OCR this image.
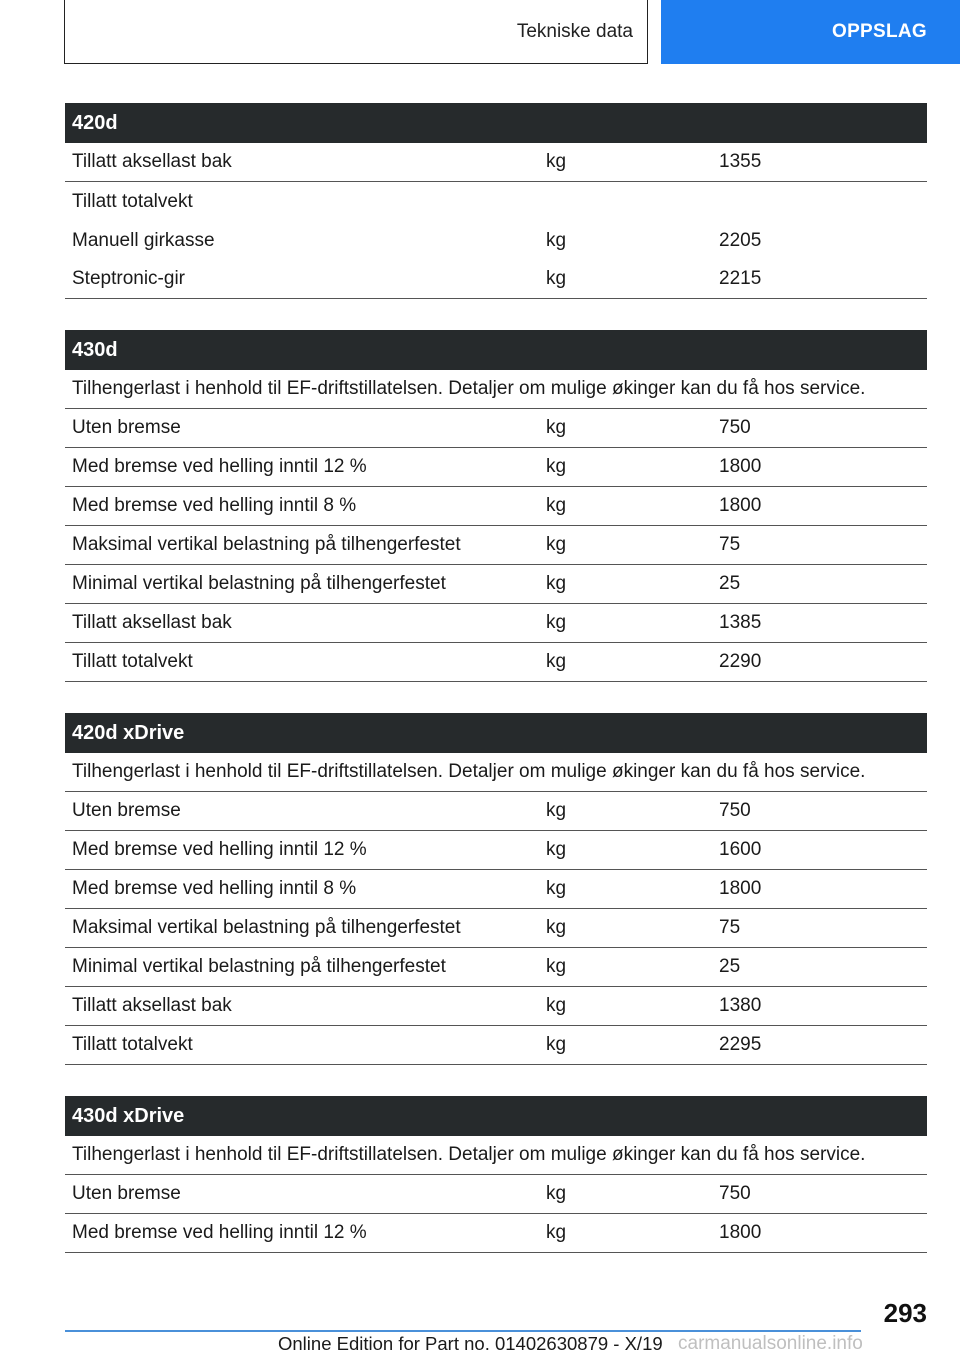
Tekniske data	OPPSLAG
420d
Tillatt aksellast bak	kg	1355
Tillatt totalvekt
Manuell girkasse	kg	2205
Steptronic-gir	kg	2215
430d
Tilhengerlast i henhold til EF-driftstillatelsen. Detaljer om mulige økinger kan du få hos service.
Uten bremse	kg	750
Med bremse ved helling inntil 12 %	kg	1800
Med bremse ved helling inntil 8 %	kg	1800
Maksimal vertikal belastning på tilhengerfestet	kg	75
Minimal vertikal belastning på tilhengerfestet	kg	25
Tillatt aksellast bak	kg	1385
Tillatt totalvekt	kg	2290
420d xDrive
Tilhengerlast i henhold til EF-driftstillatelsen. Detaljer om mulige økinger kan du få hos service.
Uten bremse	kg	750
Med bremse ved helling inntil 12 %	kg	1600
Med bremse ved helling inntil 8 %	kg	1800
Maksimal vertikal belastning på tilhengerfestet	kg	75
Minimal vertikal belastning på tilhengerfestet	kg	25
Tillatt aksellast bak	kg	1380
Tillatt totalvekt	kg	2295
430d xDrive
Tilhengerlast i henhold til EF-driftstillatelsen. Detaljer om mulige økinger kan du få hos service.
Uten bremse	kg	750
Med bremse ved helling inntil 12 %	kg	1800
293
Online Edition for Part no. 01402630879 - X/19 carmanualsonline.info
